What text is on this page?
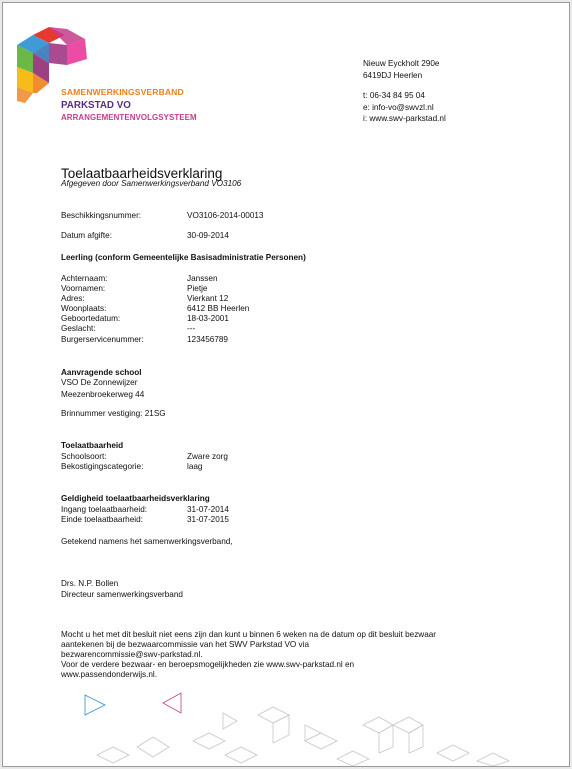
SAMENWERKINGSVERBAND
PARKSTAD VO
ARRANGEMENTENVOLGSYSTEEM
Nieuw Eyckholt 290e
6419DJ Heerlen
t: 06-34 84 95 04
e: info-vo@swvzl.nl
i: www.swv-parkstad.nl
Toelaatbaarheidsverklaring
Afgegeven door Samenwerkingsverband VO3106
Beschikkingsnummer:	VO3106-2014-00013
Datum afgifte:	30-09-2014
Leerling (conform Gemeentelijke Basisadministratie Personen)
Achternaam:	Janssen
Voornamen:	Pietje
Adres:	Vierkant 12
Woonplaats:	6412 BB Heerlen
Geboortedatum:	18-03-2001
Geslacht:	---
Burgerservicenummer:	123456789
Aanvragende school
VSO De Zonnewijzer
Meezenbroekerweg 44
Brinnummer vestiging: 21SG
Toelaatbaarheid
Schoolsoort:	Zware zorg
Bekostigingscategorie:	laag
Geldigheid toelaatbaarheidsverklaring
Ingang toelaatbaarheid:	31-07-2014
Einde toelaatbaarheid:	31-07-2015
Getekend namens het samenwerkingsverband,
Drs. N.P. Bollen
Directeur samenwerkingsverband
Mocht u het met dit besluit niet eens zijn dan kunt u binnen 6 weken na de datum op dit besluit bezwaar
aantekenen bij de bezwaarcommissie van het SWV Parkstad VO via
bezwarencommissie@swv-parkstad.nl.
Voor de verdere bezwaar- en beroepsmogelijkheden zie www.swv-parkstad.nl en
www.passendonderwijs.nl.
